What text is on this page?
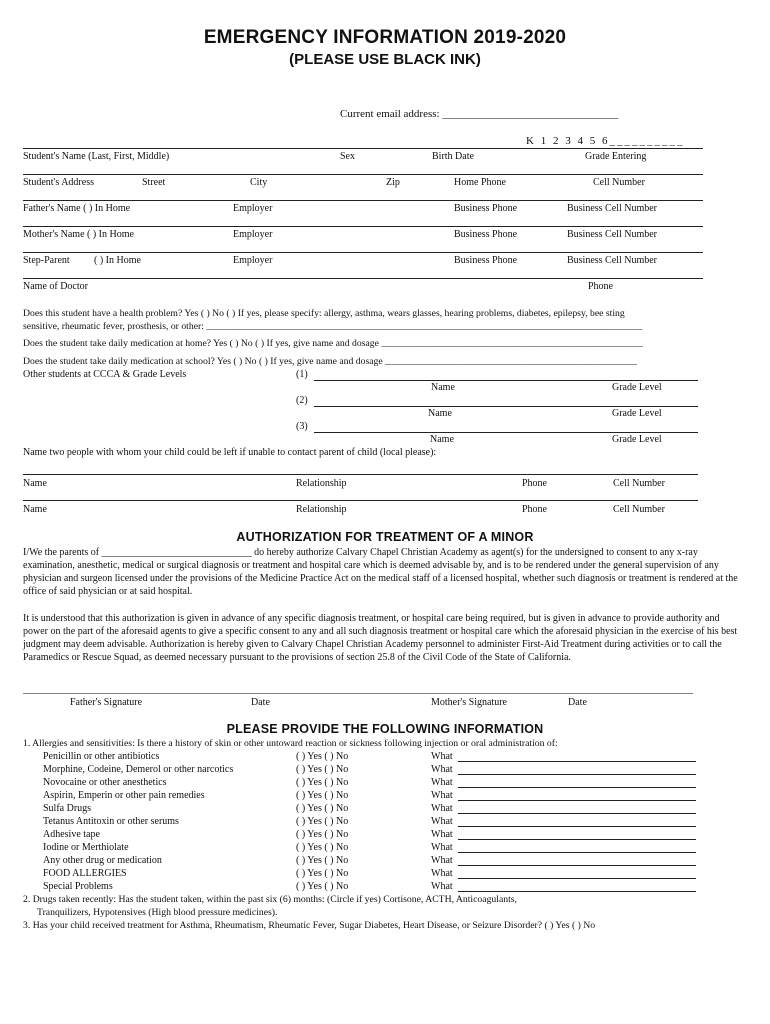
EMERGENCY INFORMATION 2019-2020
(PLEASE USE BLACK INK)
Current email address: ________________________________
K 1 2 3 4 5 6__________
Student's Name (Last, First, Middle)	Sex	Birth Date	Grade Entering
Student's Address	Street	City	Zip	Home Phone	Cell Number
Father's Name ( ) In Home	Employer	Business Phone	Business Cell Number
Mother's Name ( ) In Home	Employer	Business Phone	Business Cell Number
Step-Parent ( ) In Home	Employer	Business Phone	Business Cell Number
Name of Doctor	Phone
Does this student have a health problem? Yes ( ) No ( ) If yes, please specify: allergy, asthma, wears glasses, hearing problems, diabetes, epilepsy, bee sting
sensitive, rheumatic fever, prosthesis, or other: __________________________________________________________________________________________
Does the student take daily medication at home? Yes ( ) No ( ) If yes, give name and dosage ______________________________________________________
Does the student take daily medication at school? Yes ( ) No ( ) If yes, give name and dosage ____________________________________________________
Other students at CCCA & Grade Levels	(1)
Name	Grade Level
(2)
Name	Grade Level
(3)
Name	Grade Level
Name two people with whom your child could be left if unable to contact parent of child (local please):
Name	Relationship	Phone	Cell Number
Name	Relationship	Phone	Cell Number
AUTHORIZATION FOR TREATMENT OF A MINOR
I/We the parents of ______________________________ do hereby authorize Calvary Chapel Christian Academy as agent(s) for the undersigned to consent to any x-ray examination, anesthetic, medical or surgical diagnosis or treatment and hospital care which is deemed advisable by, and is to be rendered under the general supervision of any physician and surgeon licensed under the provisions of the Medicine Practice Act on the medical staff of a licensed hospital, whether such diagnosis or treatment is rendered at the office of said physician or at said hospital.
It is understood that this authorization is given in advance of any specific diagnosis treatment, or hospital care being required, but is given in advance to provide authority and power on the part of the aforesaid agents to give a specific consent to any and all such diagnosis treatment or hospital care which the aforesaid physician in the exercise of his best judgment may deem advisable. Authorization is hereby given to Calvary Chapel Christian Academy personnel to administer First-Aid Treatment during activities or to call the Paramedics or Rescue Squad, as deemed necessary pursuant to the provisions of section 25.8 of the Civil Code of the State of California.
______________________________________________________________________________________________________________________________________
Father's Signature	Date	Mother's Signature	Date
PLEASE PROVIDE THE FOLLOWING INFORMATION
1. Allergies and sensitivities: Is there a history of skin or other untoward reaction or sickness following injection or oral administration of:
Penicillin or other antibiotics	( ) Yes ( ) No	What
Morphine, Codeine, Demerol or other narcotics	( ) Yes ( ) No	What
Novocaine or other anesthetics	( ) Yes ( ) No	What
Aspirin, Emperin or other pain remedies	( ) Yes ( ) No	What
Sulfa Drugs	( ) Yes ( ) No	What
Tetanus Antitoxin or other serums	( ) Yes ( ) No	What
Adhesive tape	( ) Yes ( ) No	What
Iodine or Merthiolate	( ) Yes ( ) No	What
Any other drug or medication	( ) Yes ( ) No	What
FOOD ALLERGIES	( ) Yes ( ) No	What
Special Problems	( ) Yes ( ) No	What
2. Drugs taken recently: Has the student taken, within the past six (6) months: (Circle if yes) Cortisone, ACTH, Anticoagulants,
Tranquilizers, Hypotensives (High blood pressure medicines).
3. Has your child received treatment for Asthma, Rheumatism, Rheumatic Fever, Sugar Diabetes, Heart Disease, or Seizure Disorder? ( ) Yes ( ) No
